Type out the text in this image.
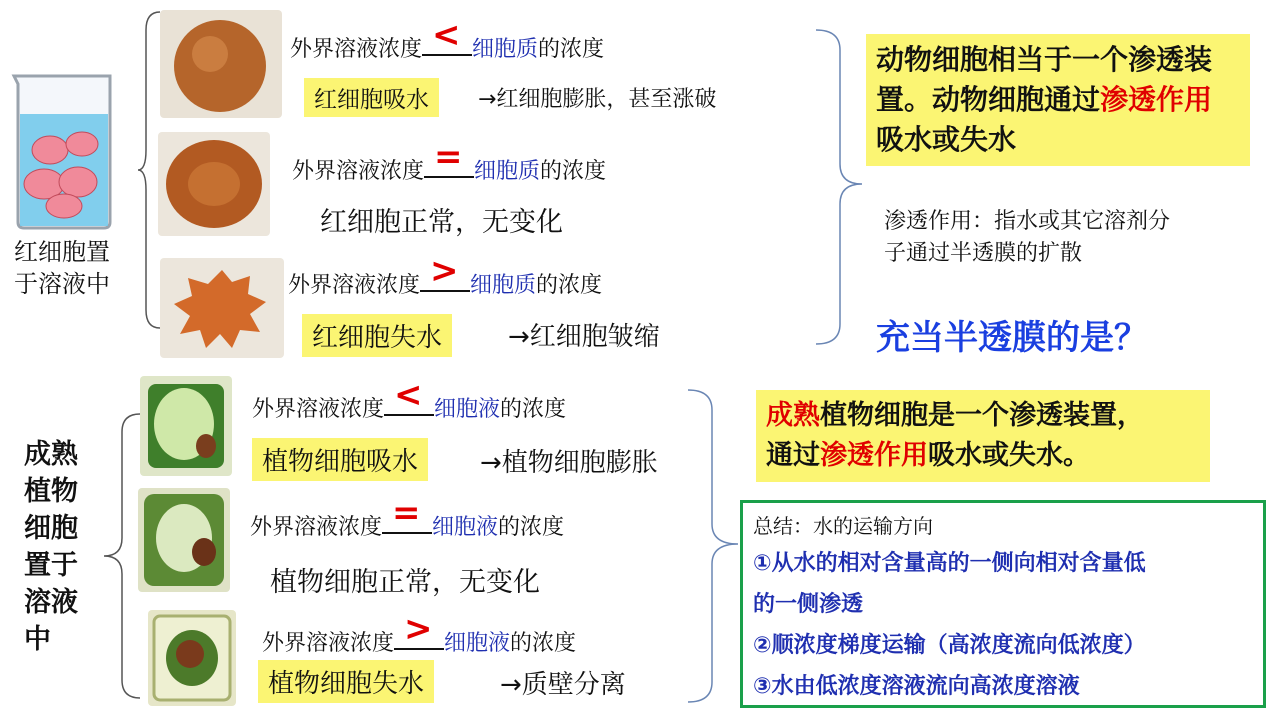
红细胞置
于溶液中
外界溶液浓度 < 细胞质的浓度
红细胞吸水	→红细胞膨胀，甚至涨破
外界溶液浓度 = 细胞质的浓度
红细胞正常，无变化
外界溶液浓度 > 细胞质的浓度
红细胞失水	→红细胞皱缩
动物细胞相当于一个渗透装置。动物细胞通过渗透作用吸水或失水
渗透作用：指水或其它溶剂分
子通过半透膜的扩散
充当半透膜的是？
成熟
植物
细胞
置于
溶液
中
外界溶液浓度 < 细胞液的浓度
植物细胞吸水	→植物细胞膨胀
外界溶液浓度 = 细胞液的浓度
植物细胞正常，无变化
外界溶液浓度 > 细胞液的浓度
植物细胞失水	→质壁分离
成熟植物细胞是一个渗透装置，
通过渗透作用吸水或失水。
总结：水的运输方向
①从水的相对含量高的一侧向相对含量低
的一侧渗透
②顺浓度梯度运输（高浓度流向低浓度）
③水由低浓度溶液流向高浓度溶液
